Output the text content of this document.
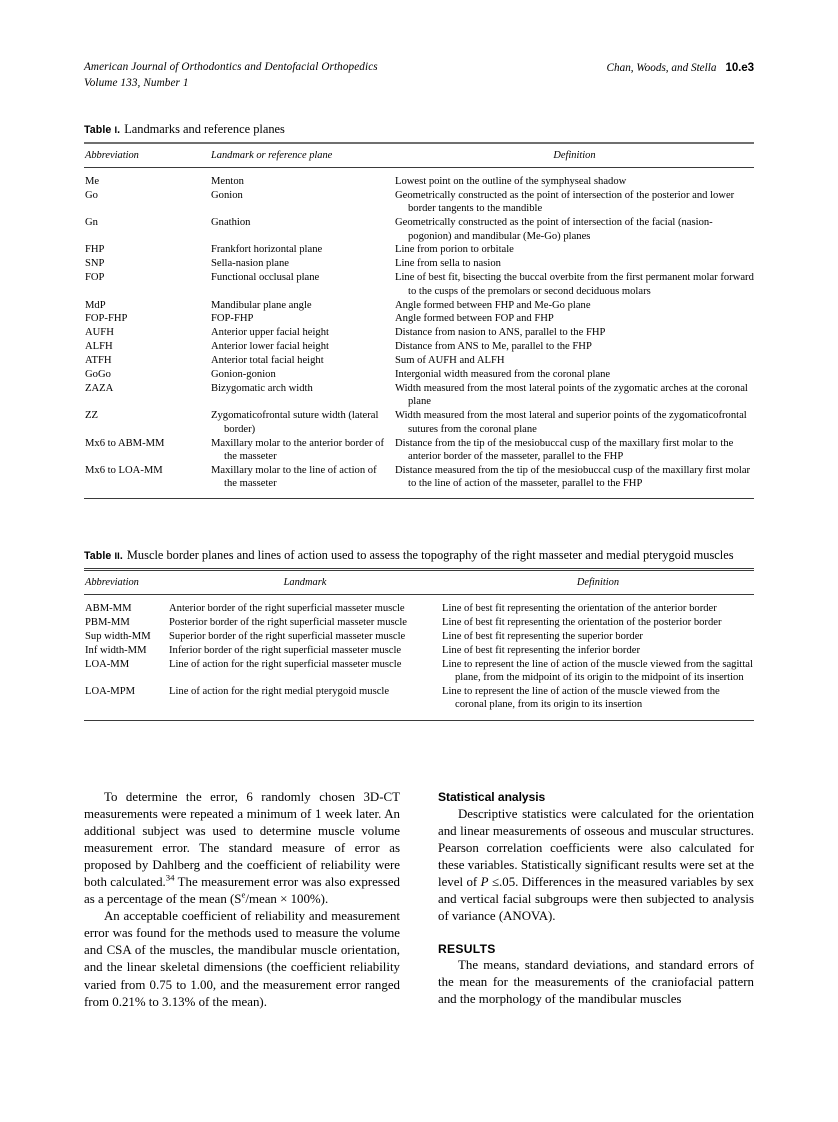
American Journal of Orthodontics and Dentofacial Orthopedics
Volume 133, Number 1
Chan, Woods, and Stella 10.e3
Table I. Landmarks and reference planes
Abbreviation	Landmark or reference plane	Definition
Me	Menton	Lowest point on the outline of the symphyseal shadow

Go	Gonion	Geometrically constructed as the point of intersection of the posterior and lower border tangents to the mandible

Gn	Gnathion	Geometrically constructed as the point of intersection of the facial (nasion-pogonion) and mandibular (Me-Go) planes

FHP	Frankfort horizontal plane	Line from porion to orbitale

SNP	Sella-nasion plane	Line from sella to nasion

FOP	Functional occlusal plane	Line of best fit, bisecting the buccal overbite from the first permanent molar forward to the cusps of the premolars or second deciduous molars

MdP	Mandibular plane angle	Angle formed between FHP and Me-Go plane

FOP-FHP	FOP-FHP	Angle formed between FOP and FHP

AUFH	Anterior upper facial height	Distance from nasion to ANS, parallel to the FHP

ALFH	Anterior lower facial height	Distance from ANS to Me, parallel to the FHP

ATFH	Anterior total facial height	Sum of AUFH and ALFH

GoGo	Gonion-gonion	Intergonial width measured from the coronal plane

ZAZA	Bizygomatic arch width	Width measured from the most lateral points of the zygomatic arches at the coronal plane

ZZ	Zygomaticofrontal suture width (lateral border)	Width measured from the most lateral and superior points of the zygomaticofrontal sutures from the coronal plane

Mx6 to ABM-MM	Maxillary molar to the anterior border of the masseter	Distance from the tip of the mesiobuccal cusp of the maxillary first molar to the anterior border of the masseter, parallel to the FHP

Mx6 to LOA-MM	Maxillary molar to the line of action of the masseter	Distance measured from the tip of the mesiobuccal cusp of the maxillary first molar to the line of action of the masseter, parallel to the FHP
Table II. Muscle border planes and lines of action used to assess the topography of the right masseter and medial pterygoid muscles
Abbreviation	Landmark	Definition
ABM-MM	Anterior border of the right superficial masseter muscle	Line of best fit representing the orientation of the anterior border

PBM-MM	Posterior border of the right superficial masseter muscle	Line of best fit representing the orientation of the posterior border

Sup width-MM	Superior border of the right superficial masseter muscle	Line of best fit representing the superior border

Inf width-MM	Inferior border of the right superficial masseter muscle	Line of best fit representing the inferior border

LOA-MM	Line of action for the right superficial masseter muscle	Line to represent the line of action of the muscle viewed from the sagittal plane, from the midpoint of its origin to the midpoint of its insertion

LOA-MPM	Line of action for the right medial pterygoid muscle	Line to represent the line of action of the muscle viewed from the coronal plane, from its origin to its insertion

To determine the error, 6 randomly chosen 3D-CT measurements were repeated a minimum of 1 week later. An additional subject was used to determine muscle volume measurement error. The standard measure of error as proposed by Dahlberg and the coefficient of reliability were both calculated.$^{34}$ The measurement error was also expressed as a percentage of the mean ($S^e$/mean × 100%).

An acceptable coefficient of reliability and measurement error was found for the methods used to measure the volume and CSA of the muscles, the mandibular muscle orientation, and the linear skeletal dimensions (the coefficient reliability varied from 0.75 to 1.00, and the measurement error ranged from 0.21% to 3.13% of the mean).

Statistical analysis

Descriptive statistics were calculated for the orientation and linear measurements of osseous and muscular structures. Pearson correlation coefficients were also calculated for these variables. Statistically significant results were set at the level of P ≤.05. Differences in the measured variables by sex and vertical facial subgroups were then subjected to analysis of variance (ANOVA).

RESULTS

The means, standard deviations, and standard errors of the mean for the measurements of the craniofacial pattern and the morphology of the mandibular muscles
